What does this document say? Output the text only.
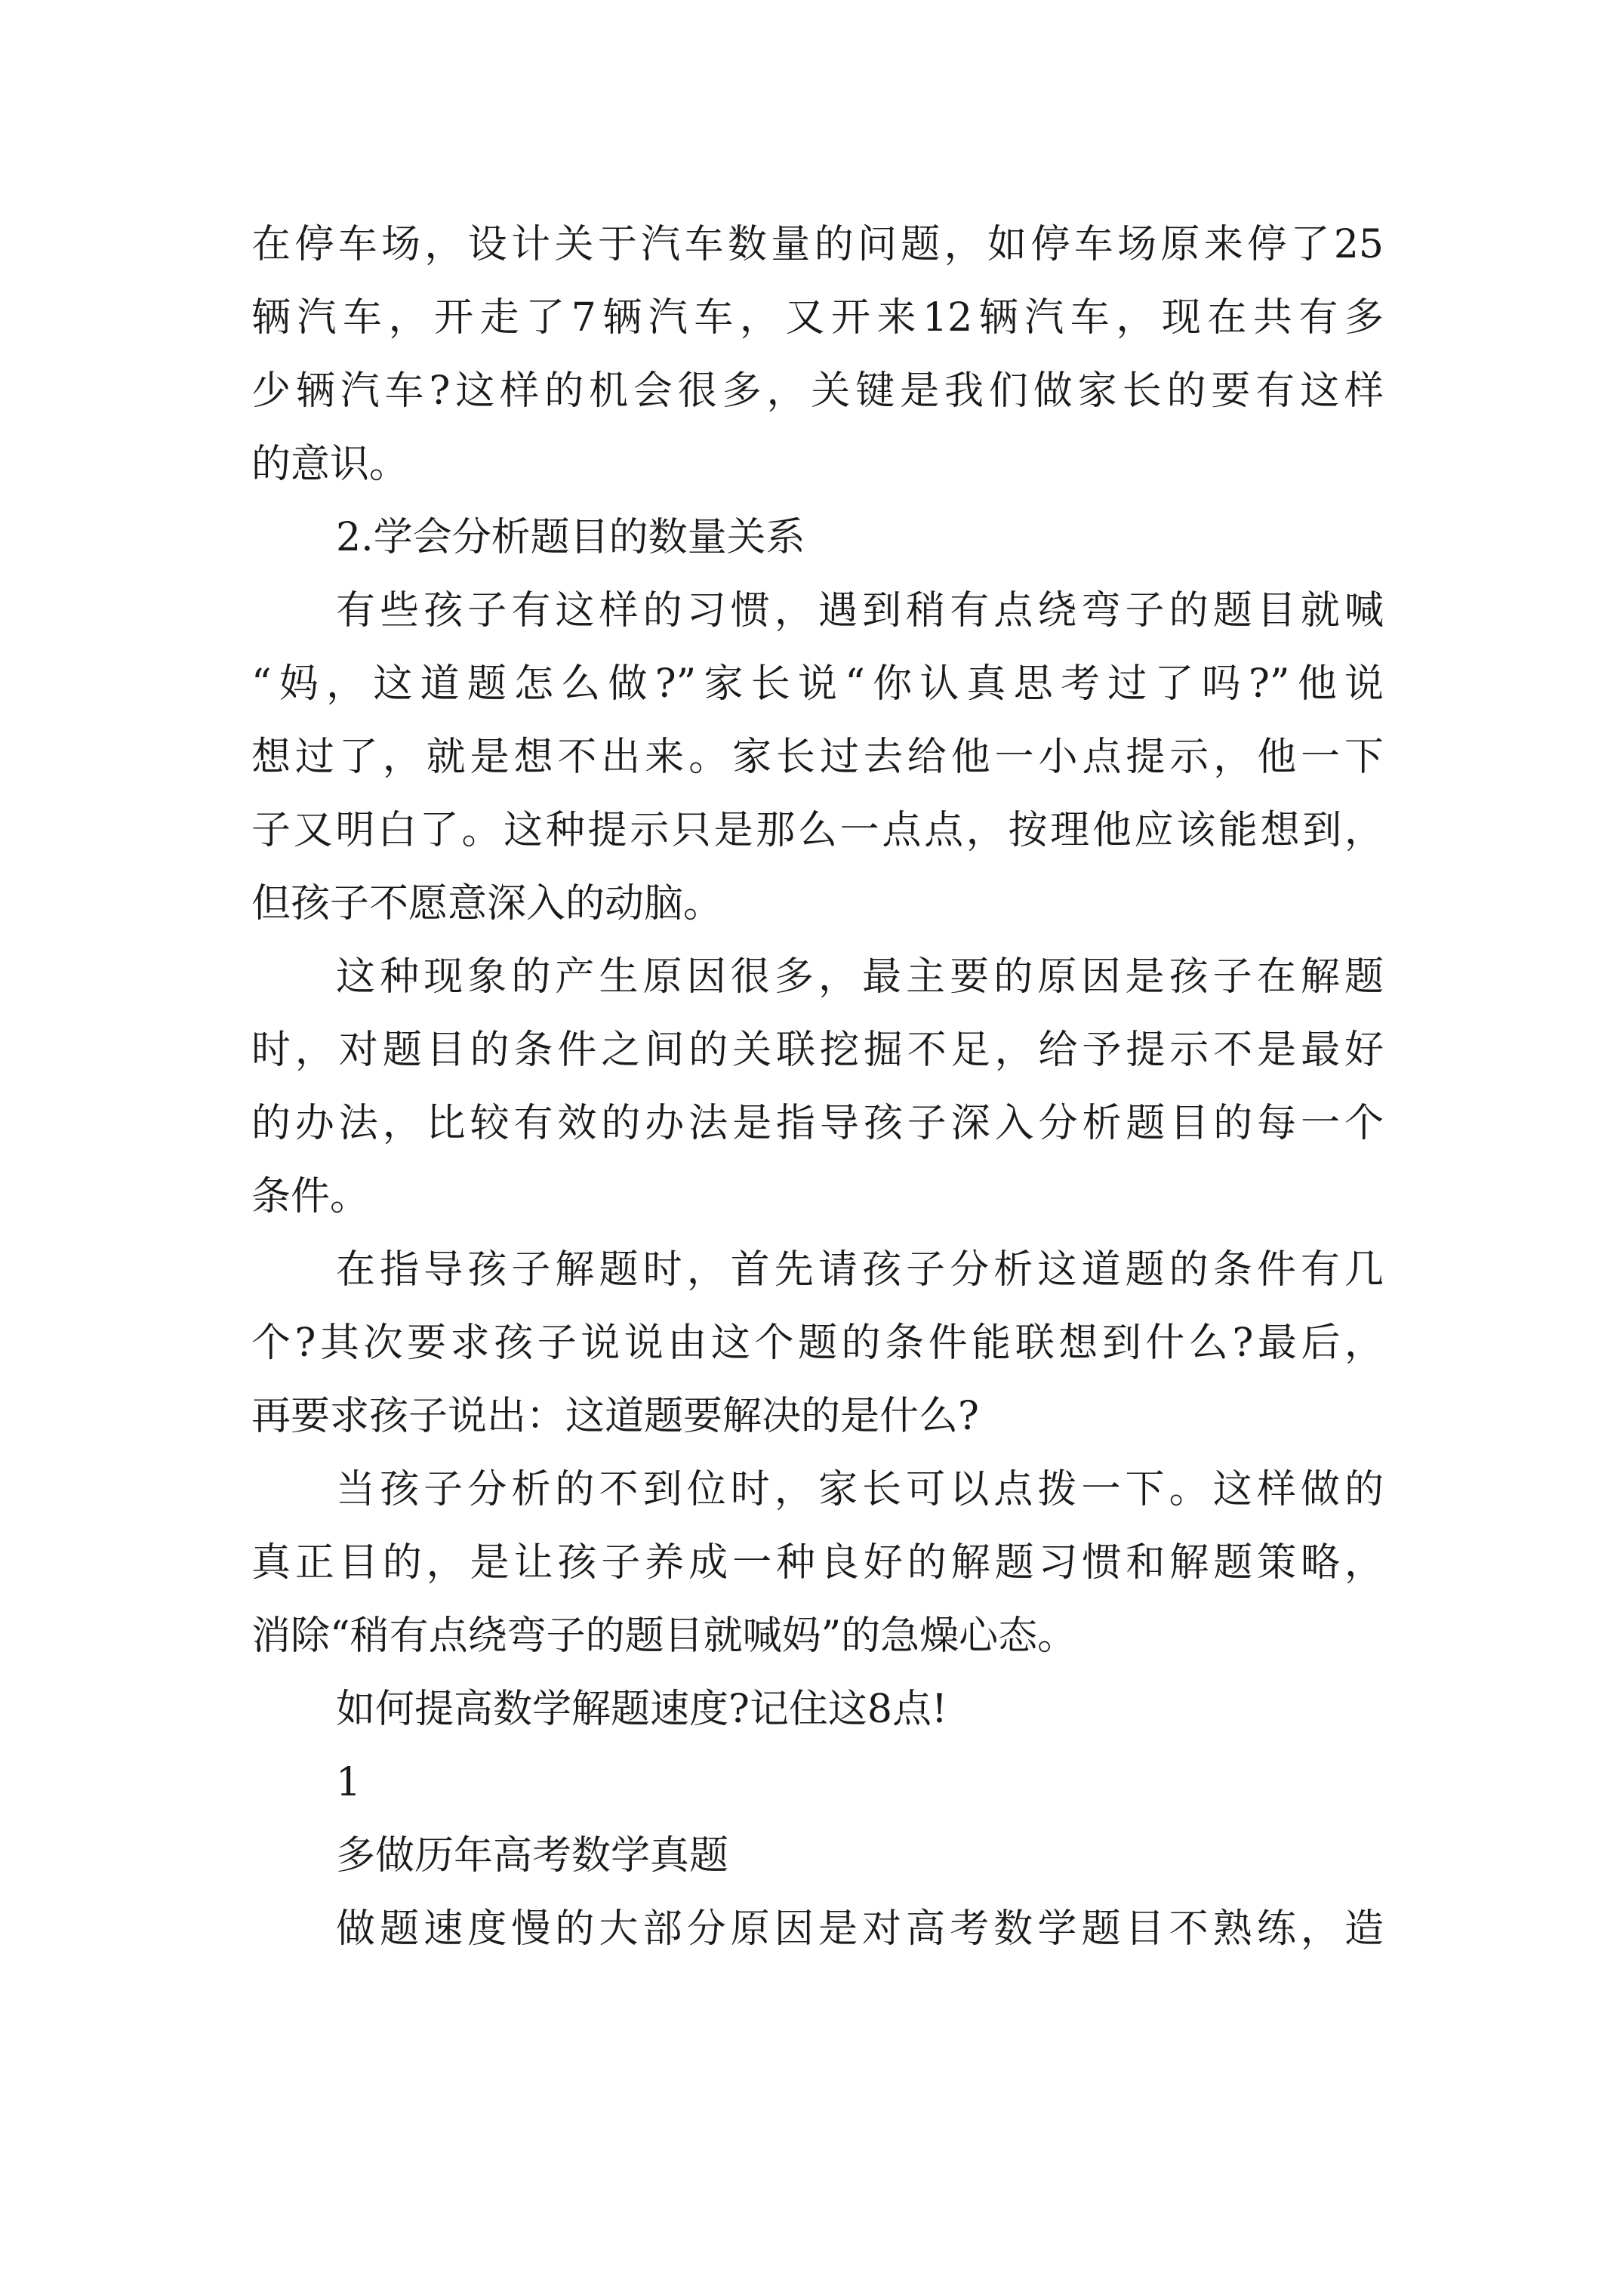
在停车场，设计关于汽车数量的问题，如停车场原来停了25
辆汽车，开走了7辆汽车，又开来12辆汽车，现在共有多
少辆汽车?这样的机会很多，关键是我们做家长的要有这样
的意识。
2.学会分析题目的数量关系
有些孩子有这样的习惯，遇到稍有点绕弯子的题目就喊
“妈，这道题怎么做?”家长说“你认真思考过了吗?”他说
想过了，就是想不出来。家长过去给他一小点提示，他一下
子又明白了。这种提示只是那么一点点，按理他应该能想到，
但孩子不愿意深入的动脑。
这种现象的产生原因很多，最主要的原因是孩子在解题
时，对题目的条件之间的关联挖掘不足，给予提示不是最好
的办法，比较有效的办法是指导孩子深入分析题目的每一个
条件。
在指导孩子解题时，首先请孩子分析这道题的条件有几
个?其次要求孩子说说由这个题的条件能联想到什么?最后，
再要求孩子说出：这道题要解决的是什么?
当孩子分析的不到位时，家长可以点拨一下。这样做的
真正目的，是让孩子养成一种良好的解题习惯和解题策略，
消除“稍有点绕弯子的题目就喊妈”的急燥心态。
如何提高数学解题速度?记住这8点!
1
多做历年高考数学真题
做题速度慢的大部分原因是对高考数学题目不熟练，造
